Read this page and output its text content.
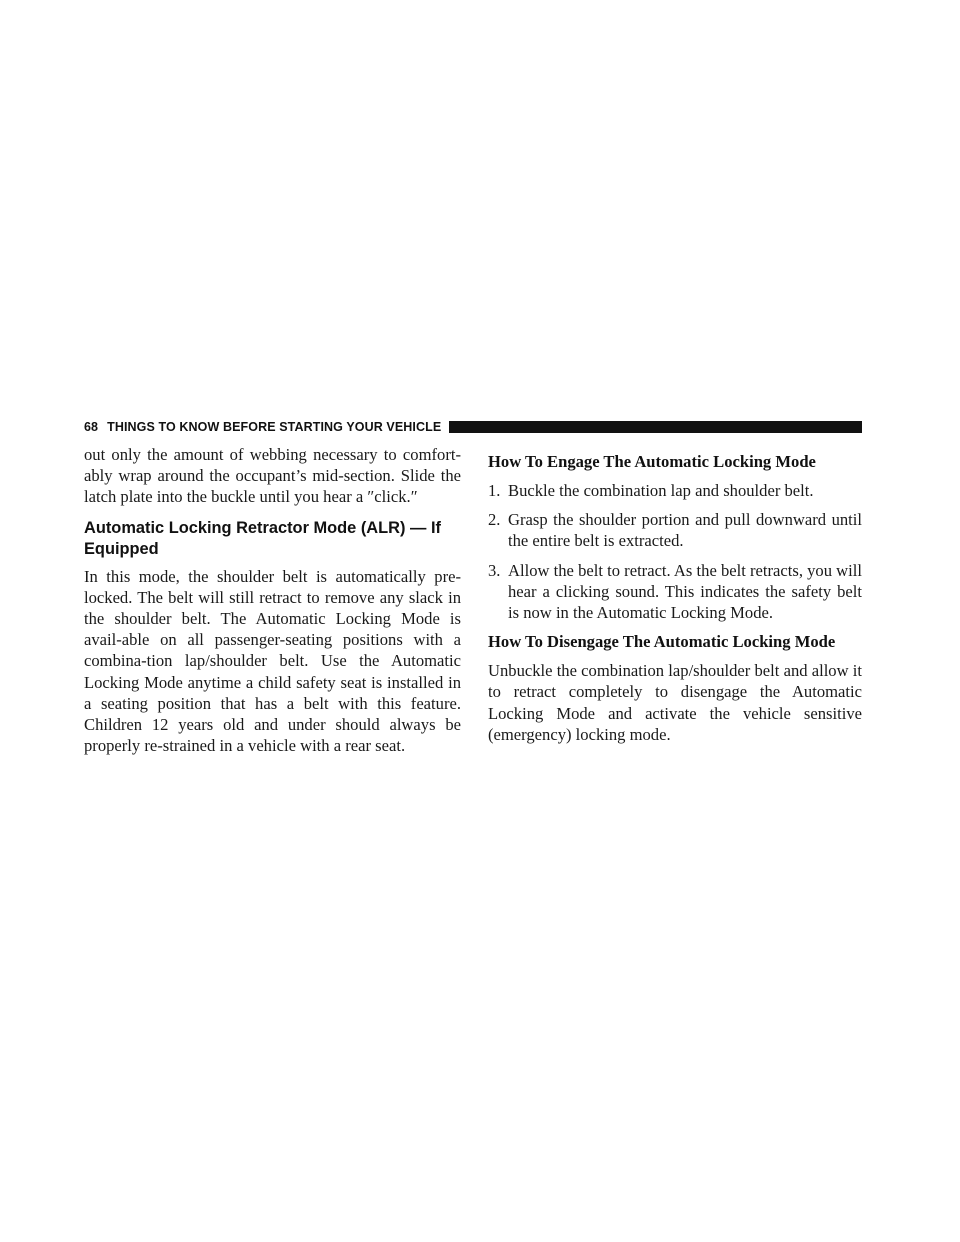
68 THINGS TO KNOW BEFORE STARTING YOUR VEHICLE

out only the amount of webbing necessary to comfort-ably wrap around the occupant’s mid-section. Slide the latch plate into the buckle until you hear a ″click.″

Automatic Locking Retractor Mode (ALR) — If Equipped

In this mode, the shoulder belt is automatically pre-locked. The belt will still retract to remove any slack in the shoulder belt. The Automatic Locking Mode is avail-able on all passenger-seating positions with a combina-tion lap/shoulder belt. Use the Automatic Locking Mode anytime a child safety seat is installed in a seating position that has a belt with this feature. Children 12 years old and under should always be properly re-strained in a vehicle with a rear seat.

How To Engage The Automatic Locking Mode
1. Buckle the combination lap and shoulder belt.
2. Grasp the shoulder portion and pull downward until the entire belt is extracted.
3. Allow the belt to retract. As the belt retracts, you will hear a clicking sound. This indicates the safety belt is now in the Automatic Locking Mode.
How To Disengage The Automatic Locking Mode

Unbuckle the combination lap/shoulder belt and allow it to retract completely to disengage the Automatic Locking Mode and activate the vehicle sensitive (emergency) locking mode.
